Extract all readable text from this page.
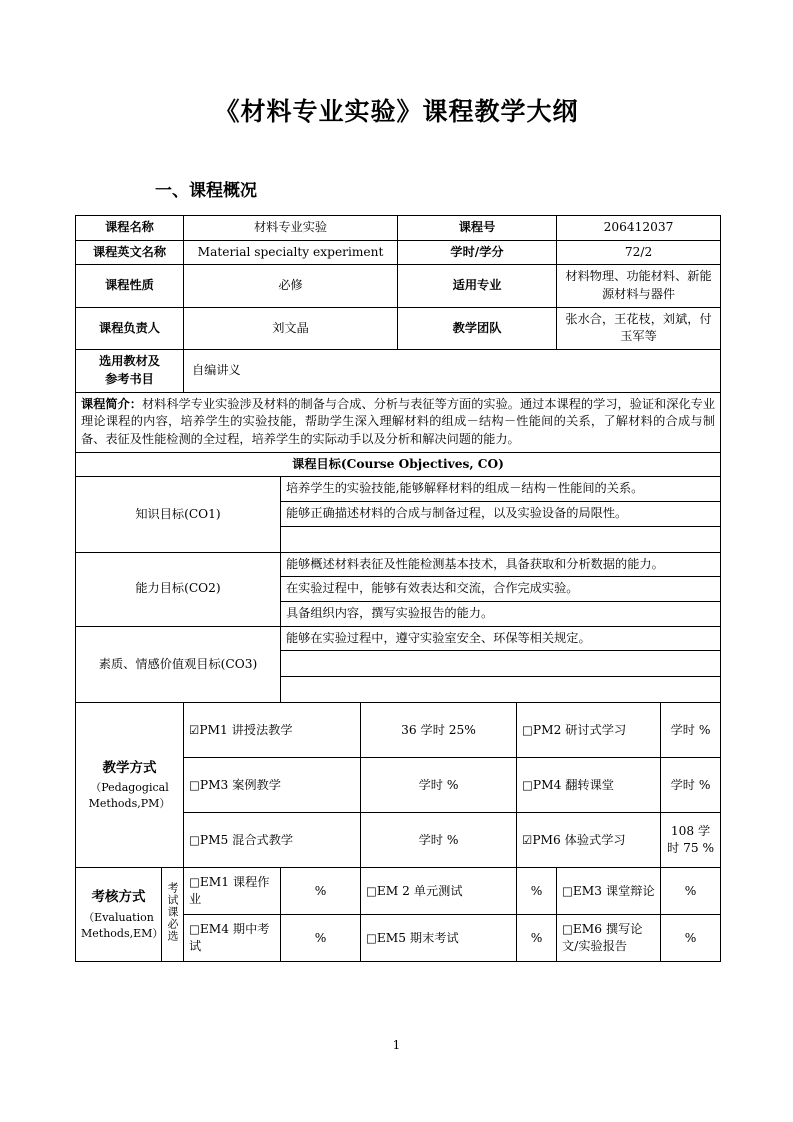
《材料专业实验》课程教学大纲
一、课程概况
课程名称		材料专业实验			课程号		206412037	
课程英文名称		Material specialty experiment			学时/学分		72/2	
课程性质		必修			适用专业		材料物理、功能材料、新能源材料与器件	
课程负责人		刘文晶			教学团队		张水合，王花枝，刘斌，付玉军等	
选用教材及
参考书目		自编讲义						
课程简介：材料科学专业实验涉及材料的制备与合成、分析与表征等方面的实验。通过本课程的学习，验证和深化专业理论课程的内容，培养学生的实验技能，帮助学生深入理解材料的组成－结构－性能间的关系，了解材料的合成与制备、表征及性能检测的全过程，培养学生的实际动手以及分析和解决问题的能力。								
课程目标(Course Objectives, CO)								
知识目标(CO1)			培养学生的实验技能,能够解释材料的组成－结构－性能间的关系。					
			能够正确描述材料的合成与制备过程，以及实验设备的局限性。					

能力目标(CO2)			能够概述材料表征及性能检测基本技术，具备获取和分析数据的能力。					
			在实验过程中，能够有效表达和交流，合作完成实验。					
			具备组织内容，撰写实验报告的能力。					
素质、情感价值观目标(CO3)			能够在实验过程中，遵守实验室安全、环保等相关规定。					

教学方式
（Pedagogical
Methods,PM）		☑PM1 讲授法教学		36 学时 25%		□PM2 研讨式学习		学时 %
		□PM3 案例教学		学时 %		□PM4 翻转课堂		学时 %
		□PM5 混合式教学		学时 %		☑PM6 体验式学习		108 学时 75 %

考核方式
（Evaluation
Methods,EM）	考试课必选	□EM1 课程作业	%	□EM 2 单元测试		%	□EM3 课堂辩论	%
		□EM4 期中考试	%	□EM5 期末考试		%	□EM6 撰写论文/实验报告	%
1
